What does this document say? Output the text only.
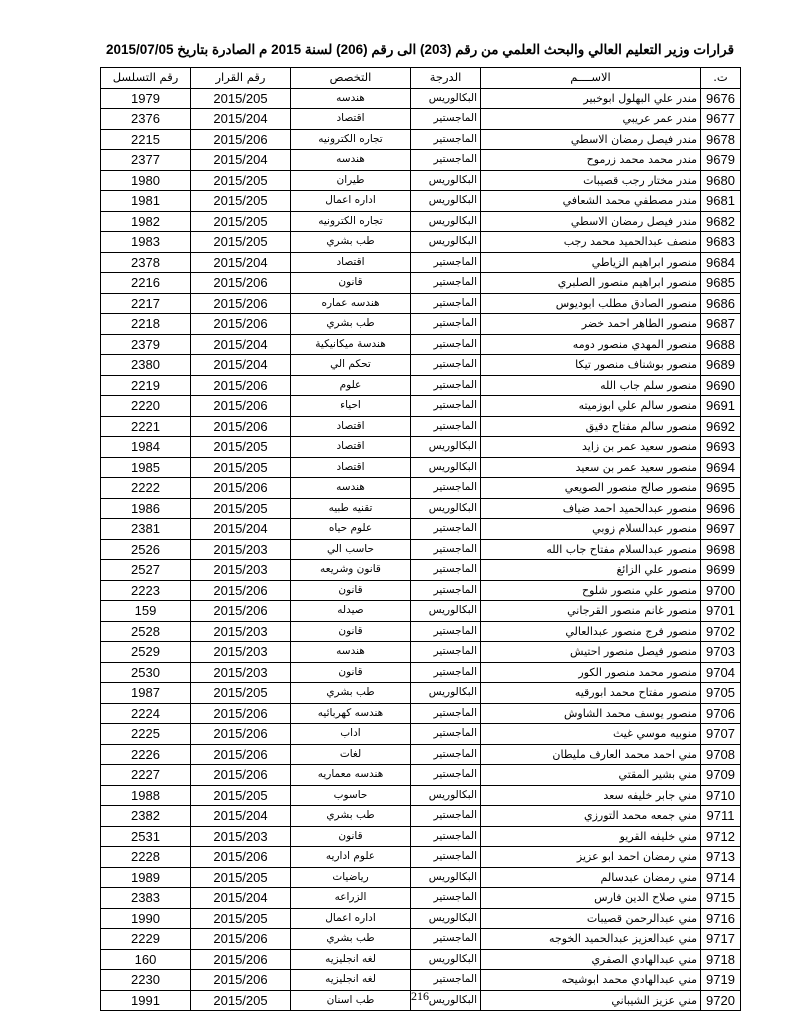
قرارات وزير التعليم العالي والبحث العلمي من رقم (203) الى رقم (206) لسنة 2015 م الصادرة بتاريخ 2015/07/05
ت.	الاســــم	الدرجة	التخصص	رقم القرار	رقم التسلسل
9676	مندر علي البهلول ابوخبير	البكالوريس	هندسه	2015/205	1979
9677	مندر عمر عريبي	الماجستير	اقتصاد	2015/204	2376
9678	مندر فيصل رمضان الاسطي	الماجستير	تجاره الكترونيه	2015/206	2215
9679	مندر محمد محمد زرموح	الماجستير	هندسه	2015/204	2377
9680	مندر مختار رجب قصيبات	البكالوريس	طيران	2015/205	1980
9681	مندر مصطفي محمد الشعافي	البكالوريس	اداره اعمال	2015/205	1981
9682	مندر فيصل رمضان الاسطي	البكالوريس	تجاره الكترونيه	2015/205	1982
9683	منصف عبدالحميد محمد رجب	البكالوريس	طب بشري	2015/205	1983
9684	منصور ابراهيم الزياطي	الماجستير	اقتصاد	2015/204	2378
9685	منصور ابراهيم منصور الصلبري	الماجستير	قانون	2015/206	2216
9686	منصور الصادق مطلب ابوديوس	الماجستير	هندسه عماره	2015/206	2217
9687	منصور الطاهر احمد خضر	الماجستير	طب بشري	2015/206	2218
9688	منصور المهدي منصور دومه	الماجستير	هندسة ميكانيكية	2015/204	2379
9689	منصور بوشناف منصور تيكا	الماجستير	تحكم الي	2015/204	2380
9690	منصور سلم جاب الله	الماجستير	علوم	2015/206	2219
9691	منصور سالم علي ابوزميته	الماجستير	احياء	2015/206	2220
9692	منصور سالم مفتاح دقيق	الماجستير	اقتصاد	2015/206	2221
9693	منصور سعيد عمر بن زايد	البكالوريس	اقتصاد	2015/205	1984
9694	منصور سعيد عمر بن سعيد	البكالوريس	اقتصاد	2015/205	1985
9695	منصور صالح منصور الصويعي	الماجستير	هندسه	2015/206	2222
9696	منصور عبدالحميد احمد ضياف	البكالوريس	تقنيه طبيه	2015/205	1986
9697	منصور عبدالسلام زوبي	الماجستير	علوم حياه	2015/204	2381
9698	منصور عبدالسلام مفتاح جاب الله	الماجستير	حاسب الي	2015/203	2526
9699	منصور علي الزائغ	الماجستير	قانون وشريعه	2015/203	2527
9700	منصور علي منصور شلوح	الماجستير	قانون	2015/206	2223
9701	منصور غانم منصور القرجاني	البكالوريس	صيدله	2015/206	159
9702	منصور فرج منصور عبدالعالي	الماجستير	قانون	2015/203	2528
9703	منصور فيصل منصور احتيش	الماجستير	هندسه	2015/203	2529
9704	منصور محمد منصور الكور	الماجستير	قانون	2015/203	2530
9705	منصور مفتاح محمد ابورقيه	البكالوريس	طب بشري	2015/205	1987
9706	منصور يوسف محمد الشاوش	الماجستير	هندسه كهربائيه	2015/206	2224
9707	منوبيه موسي غيث	الماجستير	اداب	2015/206	2225
9708	مني احمد محمد العارف مليطان	الماجستير	لغات	2015/206	2226
9709	مني بشير المقتي	الماجستير	هندسه معماريه	2015/206	2227
9710	مني جابر خليفه سعد	البكالوريس	حاسوب	2015/205	1988
9711	مني جمعه محمد التورزي	الماجستير	طب بشري	2015/204	2382
9712	مني خليفه القريو	الماجستير	قانون	2015/203	2531
9713	مني رمضان احمد ابو عزيز	الماجستير	علوم اداريه	2015/206	2228
9714	مني رمضان عبدسالم	البكالوريس	رياضيات	2015/205	1989
9715	مني صلاح الدين فارس	الماجستير	الزراعه	2015/204	2383
9716	مني عبدالرحمن قصيبات	البكالوريس	اداره اعمال	2015/205	1990
9717	مني عبدالعزيز عبدالحميد الخوجه	الماجستير	طب بشري	2015/206	2229
9718	مني عبدالهادي الصفري	البكالوريس	لغه انجليزيه	2015/206	160
9719	مني عبدالهادي محمد ابوشيحه	الماجستير	لغه انجليزيه	2015/206	2230
9720	مني عزيز الشيباني	البكالوريس	طب اسنان	2015/205	1991	216
